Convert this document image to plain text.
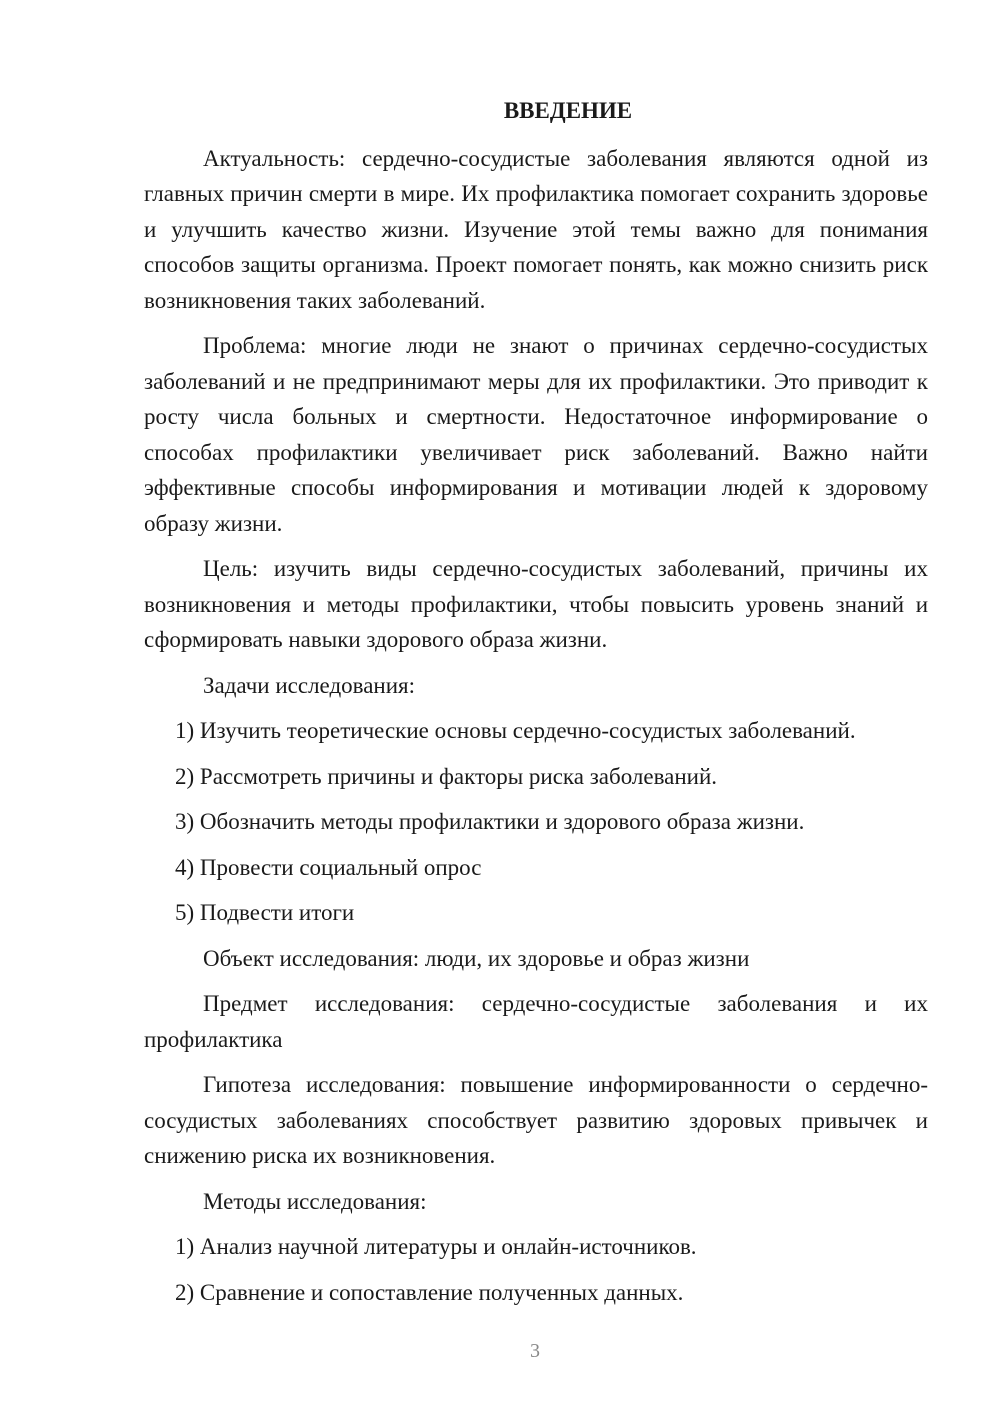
ВВЕДЕНИЕ

Актуальность: сердечно-сосудистые заболевания являются одной из главных причин смерти в мире. Их профилактика помогает сохранить здоровье и улучшить качество жизни. Изучение этой темы важно для понимания способов защиты организма. Проект помогает понять, как можно снизить риск возникновения таких заболеваний.

Проблема: многие люди не знают о причинах сердечно-сосудистых заболеваний и не предпринимают меры для их профилактики. Это приводит к росту числа больных и смертности. Недостаточное информирование о способах профилактики увеличивает риск заболеваний. Важно найти эффективные способы информирования и мотивации людей к здоровому образу жизни.

Цель: изучить виды сердечно-сосудистых заболеваний, причины их возникновения и методы профилактики, чтобы повысить уровень знаний и сформировать навыки здорового образа жизни.

Задачи исследования:

1) Изучить теоретические основы сердечно-сосудистых заболеваний.
2) Рассмотреть причины и факторы риска заболеваний.
3) Обозначить методы профилактики и здорового образа жизни.
4) Провести социальный опрос
5) Подвести итоги

Объект исследования: люди, их здоровье и образ жизни

Предмет исследования: сердечно-сосудистые заболевания и их профилактика

Гипотеза исследования: повышение информированности о сердечно-сосудистых заболеваниях способствует развитию здоровых привычек и снижению риска их возникновения.

Методы исследования:

1) Анализ научной литературы и онлайн-источников.
2) Сравнение и сопоставление полученных данных.
3
